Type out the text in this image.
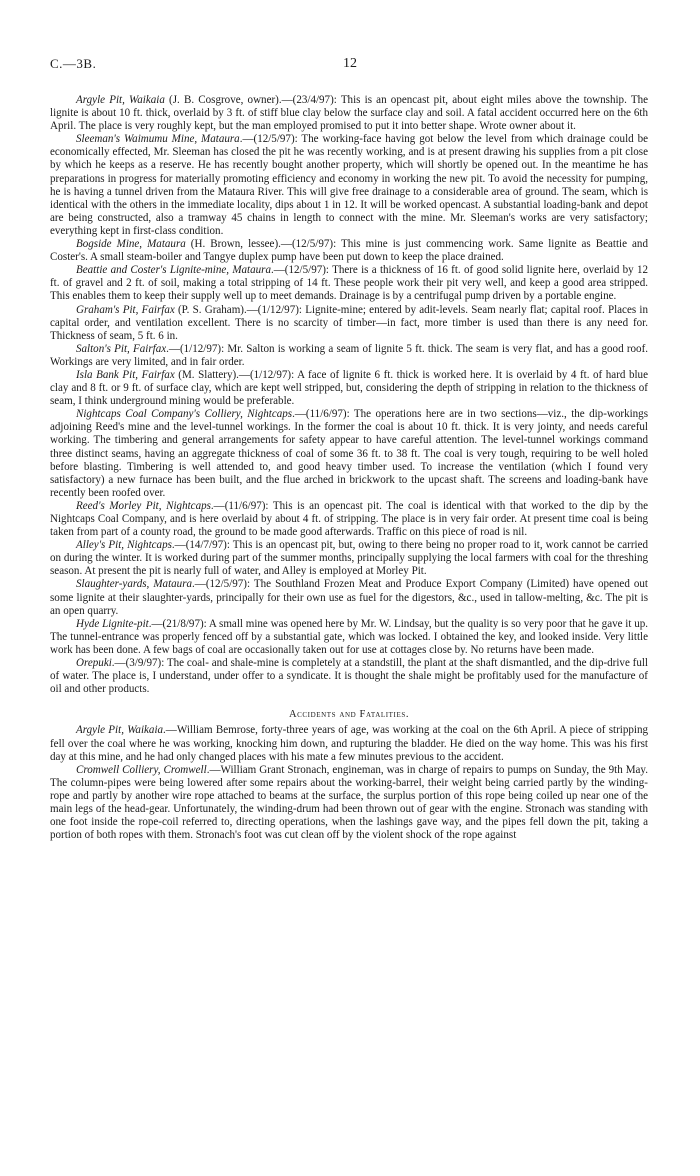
C.—3B.	12

Argyle Pit, Waikaia (J. B. Cosgrove, owner).—(23/4/97): This is an opencast pit, about eight miles above the township. The lignite is about 10 ft. thick, overlaid by 3 ft. of stiff blue clay below the surface clay and soil. A fatal accident occurred here on the 6th April. The place is very roughly kept, but the man employed promised to put it into better shape. Wrote owner about it.

Sleeman's Waimumu Mine, Mataura.—(12/5/97): The working-face having got below the level from which drainage could be economically effected, Mr. Sleeman has closed the pit he was recently working, and is at present drawing his supplies from a pit close by which he keeps as a reserve. He has recently bought another property, which will shortly be opened out. In the meantime he has preparations in progress for materially promoting efficiency and economy in working the new pit. To avoid the necessity for pumping, he is having a tunnel driven from the Mataura River. This will give free drainage to a considerable area of ground. The seam, which is identical with the others in the immediate locality, dips about 1 in 12. It will be worked opencast. A substantial loading-bank and depot are being constructed, also a tramway 45 chains in length to connect with the mine. Mr. Sleeman's works are very satisfactory; everything kept in first-class condition.

Bogside Mine, Mataura (H. Brown, lessee).—(12/5/97): This mine is just commencing work. Same lignite as Beattie and Coster's. A small steam-boiler and Tangye duplex pump have been put down to keep the place drained.

Beattie and Coster's Lignite-mine, Mataura.—(12/5/97): There is a thickness of 16 ft. of good solid lignite here, overlaid by 12 ft. of gravel and 2 ft. of soil, making a total stripping of 14 ft. These people work their pit very well, and keep a good area stripped. This enables them to keep their supply well up to meet demands. Drainage is by a centrifugal pump driven by a portable engine.

Graham's Pit, Fairfax (P. S. Graham).—(1/12/97): Lignite-mine; entered by adit-levels. Seam nearly flat; capital roof. Places in capital order, and ventilation excellent. There is no scarcity of timber—in fact, more timber is used than there is any need for. Thickness of seam, 5 ft. 6 in.

Salton's Pit, Fairfax.—(1/12/97): Mr. Salton is working a seam of lignite 5 ft. thick. The seam is very flat, and has a good roof. Workings are very limited, and in fair order.

Isla Bank Pit, Fairfax (M. Slattery).—(1/12/97): A face of lignite 6 ft. thick is worked here. It is overlaid by 4 ft. of hard blue clay and 8 ft. or 9 ft. of surface clay, which are kept well stripped, but, considering the depth of stripping in relation to the thickness of seam, I think underground mining would be preferable.

Nightcaps Coal Company's Colliery, Nightcaps.—(11/6/97): The operations here are in two sections—viz., the dip-workings adjoining Reed's mine and the level-tunnel workings. In the former the coal is about 10 ft. thick. It is very jointy, and needs careful working. The timbering and general arrangements for safety appear to have careful attention. The level-tunnel workings command three distinct seams, having an aggregate thickness of coal of some 36 ft. to 38 ft. The coal is very tough, requiring to be well holed before blasting. Timbering is well attended to, and good heavy timber used. To increase the ventilation (which I found very satisfactory) a new furnace has been built, and the flue arched in brickwork to the upcast shaft. The screens and loading-bank have recently been roofed over.

Reed's Morley Pit, Nightcaps.—(11/6/97): This is an opencast pit. The coal is identical with that worked to the dip by the Nightcaps Coal Company, and is here overlaid by about 4 ft. of stripping. The place is in very fair order. At present time coal is being taken from part of a county road, the ground to be made good afterwards. Traffic on this piece of road is nil.

Alley's Pit, Nightcaps.—(14/7/97): This is an opencast pit, but, owing to there being no proper road to it, work cannot be carried on during the winter. It is worked during part of the summer months, principally supplying the local farmers with coal for the threshing season. At present the pit is nearly full of water, and Alley is employed at Morley Pit.

Slaughter-yards, Mataura.—(12/5/97): The Southland Frozen Meat and Produce Export Company (Limited) have opened out some lignite at their slaughter-yards, principally for their own use as fuel for the digestors, &c., used in tallow-melting, &c. The pit is an open quarry.

Hyde Lignite-pit.—(21/8/97): A small mine was opened here by Mr. W. Lindsay, but the quality is so very poor that he gave it up. The tunnel-entrance was properly fenced off by a substantial gate, which was locked. I obtained the key, and looked inside. Very little work has been done. A few bags of coal are occasionally taken out for use at cottages close by. No returns have been made.

Orepuki.—(3/9/97): The coal- and shale-mine is completely at a standstill, the plant at the shaft dismantled, and the dip-drive full of water. The place is, I understand, under offer to a syndicate. It is thought the shale might be profitably used for the manufacture of oil and other products.

Accidents and Fatalities.

Argyle Pit, Waikaia.—William Bemrose, forty-three years of age, was working at the coal on the 6th April. A piece of stripping fell over the coal where he was working, knocking him down, and rupturing the bladder. He died on the way home. This was his first day at this mine, and he had only changed places with his mate a few minutes previous to the accident.

Cromwell Colliery, Cromwell.—William Grant Stronach, engineman, was in charge of repairs to pumps on Sunday, the 9th May. The column-pipes were being lowered after some repairs about the working-barrel, their weight being carried partly by the winding-rope and partly by another wire rope attached to beams at the surface, the surplus portion of this rope being coiled up near one of the main legs of the head-gear. Unfortunately, the winding-drum had been thrown out of gear with the engine. Stronach was standing with one foot inside the rope-coil referred to, directing operations, when the lashings gave way, and the pipes fell down the pit, taking a portion of both ropes with them. Stronach's foot was cut clean off by the violent shock of the rope against
